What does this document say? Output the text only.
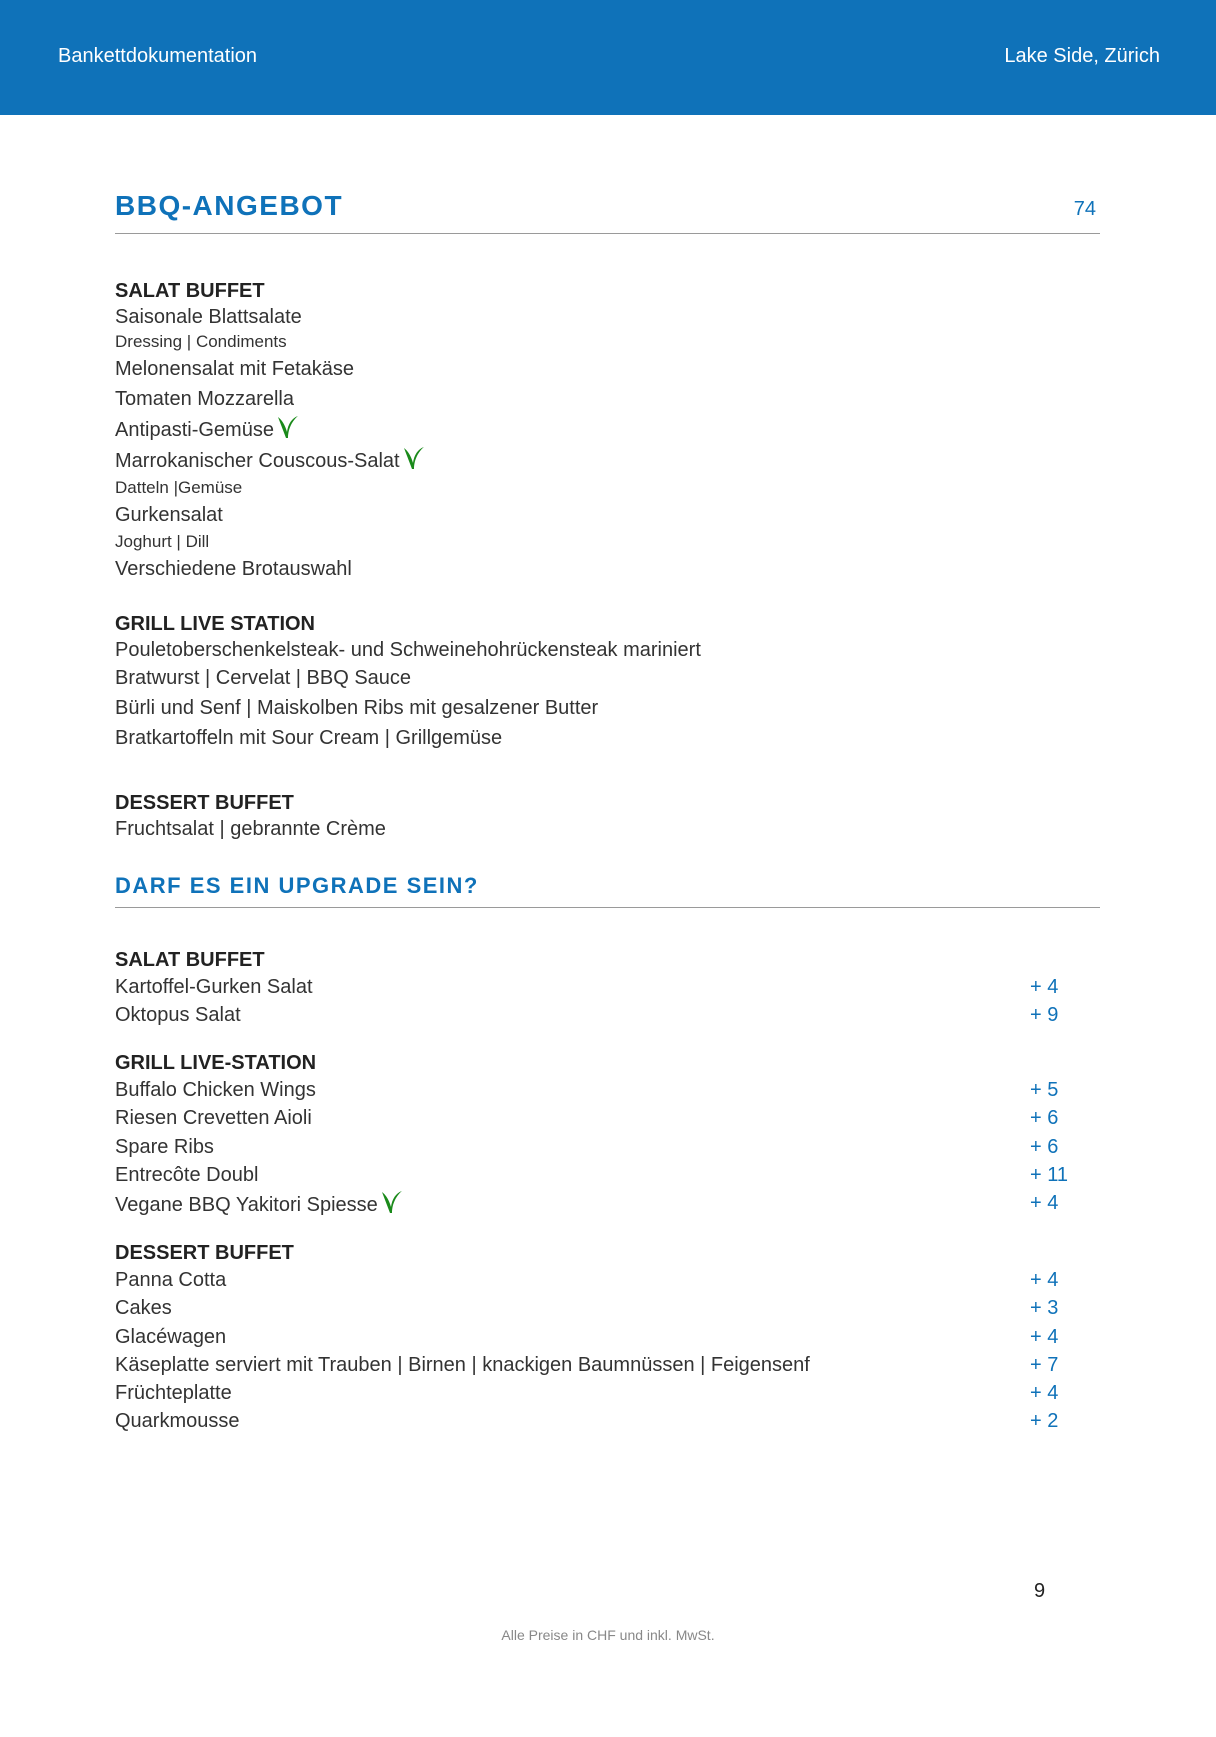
Bankettdokumentation	Lake Side, Zürich
BBQ-ANGEBOT	74
SALAT BUFFET
Saisonale Blattsalate
Dressing | Condiments
Melonensalat mit Fetakäse
Tomaten Mozzarella
Antipasti-Gemüse
Marrokanischer Couscous-Salat
Datteln |Gemüse
Gurkensalat
Joghurt | Dill
Verschiedene Brotauswahl
GRILL LIVE STATION
Pouletoberschenkelsteak- und Schweinehohrückensteak mariniert
Bratwurst | Cervelat | BBQ Sauce
Bürli und Senf | Maiskolben Ribs mit gesalzener Butter
Bratkartoffeln mit Sour Cream | Grillgemüse
DESSERT BUFFET
Fruchtsalat | gebrannte Crème
DARF ES EIN UPGRADE SEIN?
SALAT BUFFET
Kartoffel-Gurken Salat	+ 4
Oktopus Salat	+ 9
GRILL LIVE-STATION
Buffalo Chicken Wings	+ 5
Riesen Crevetten Aioli	+ 6
Spare Ribs	+ 6
Entrecôte Doubl	+ 11
Vegane BBQ Yakitori Spiesse	+ 4
DESSERT BUFFET
Panna Cotta	+ 4
Cakes	+ 3
Glacéwagen	+ 4
Käseplatte serviert mit Trauben | Birnen | knackigen Baumnüssen | Feigensenf	+ 7
Früchteplatte	+ 4
Quarkmousse	+ 2
9
Alle Preise in CHF und inkl. MwSt.
